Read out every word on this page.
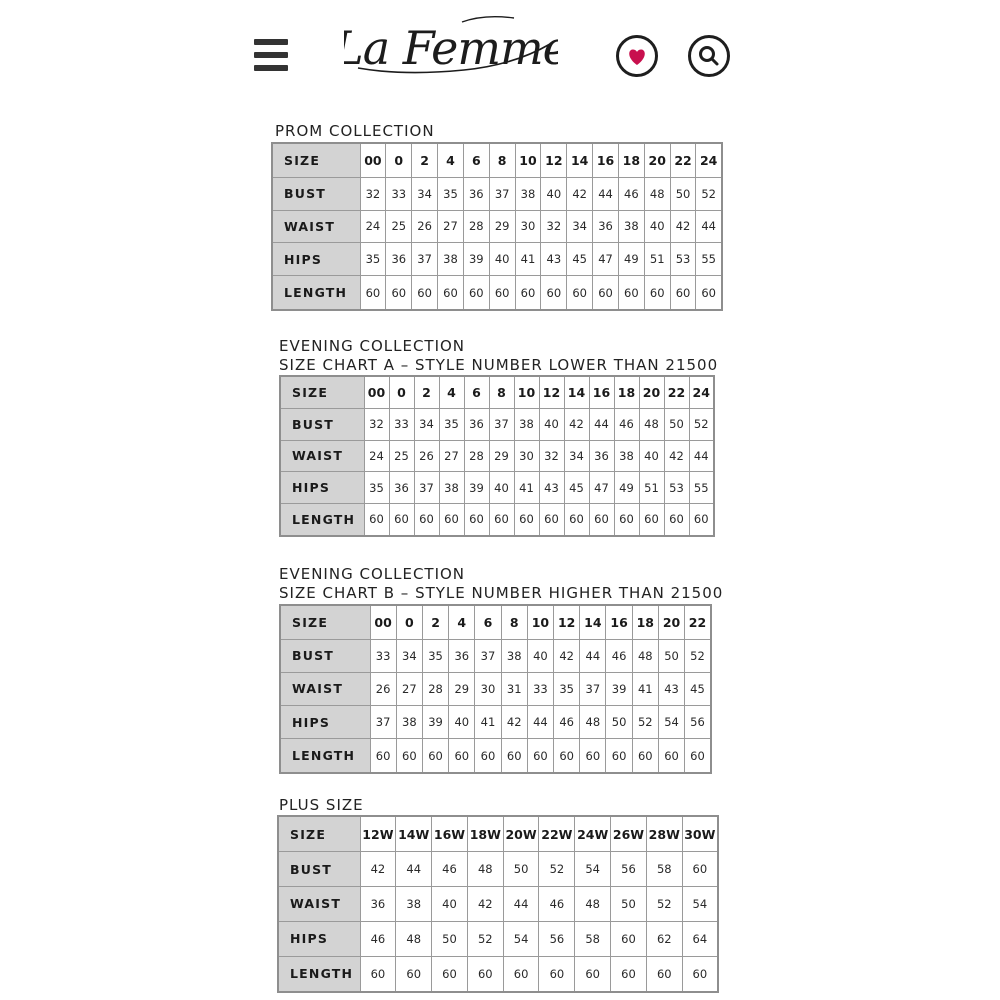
La Femme
PROM COLLECTION
EVENING COLLECTION
SIZE CHART A – STYLE NUMBER LOWER THAN 21500
EVENING COLLECTION
SIZE CHART B – STYLE NUMBER HIGHER THAN 21500
PLUS SIZE
SIZE	00	0	2	4	6	8	10	12	14	16	18	20	22	24
BUST	32	33	34	35	36	37	38	40	42	44	46	48	50	52
WAIST	24	25	26	27	28	29	30	32	34	36	38	40	42	44
HIPS	35	36	37	38	39	40	41	43	45	47	49	51	53	55
LENGTH	60	60	60	60	60	60	60	60	60	60	60	60	60	60
SIZE	00	0	2	4	6	8	10	12	14	16	18	20	22	24
BUST	32	33	34	35	36	37	38	40	42	44	46	48	50	52
WAIST	24	25	26	27	28	29	30	32	34	36	38	40	42	44
HIPS	35	36	37	38	39	40	41	43	45	47	49	51	53	55
LENGTH	60	60	60	60	60	60	60	60	60	60	60	60	60	60
SIZE	00	0	2	4	6	8	10	12	14	16	18	20	22
BUST	33	34	35	36	37	38	40	42	44	46	48	50	52
WAIST	26	27	28	29	30	31	33	35	37	39	41	43	45
HIPS	37	38	39	40	41	42	44	46	48	50	52	54	56
LENGTH	60	60	60	60	60	60	60	60	60	60	60	60	60
SIZE	12W	14W	16W	18W	20W	22W	24W	26W	28W	30W
BUST	42	44	46	48	50	52	54	56	58	60
WAIST	36	38	40	42	44	46	48	50	52	54
HIPS	46	48	50	52	54	56	58	60	62	64
LENGTH	60	60	60	60	60	60	60	60	60	60
